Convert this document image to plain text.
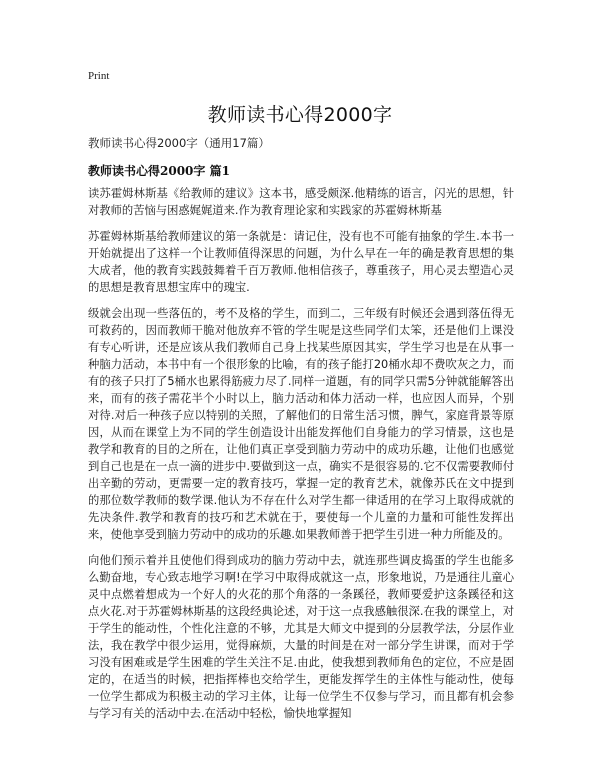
Print
教师读书心得2000字
教师读书心得2000字（通用17篇）
教师读书心得2000字 篇1

读苏霍姆林斯基《给教师的建议》这本书，感受颇深.他精练的语言，闪光的思想，针对教师的苦恼与困惑娓娓道来.作为教育理论家和实践家的苏霍姆林斯基

苏霍姆林斯基给教师建议的第一条就是：请记住，没有也不可能有抽象的学生.本书一开始就提出了这样一个让教师值得深思的问题，为什么早在一年的确是教育思想的集大成者，他的教育实践鼓舞着千百万教师.他相信孩子，尊重孩子，用心灵去塑造心灵的思想是教育思想宝库中的瑰宝.

级就会出现一些落伍的，考不及格的学生，而到二，三年级有时候还会遇到落伍得无可救药的，因而教师干脆对他放弃不管的学生呢是这些同学们太笨，还是他们上课没有专心听讲，还是应该从我们教师自己身上找某些原因其实，学生学习也是在从事一种脑力活动，本书中有一个很形象的比喻，有的孩子能打20桶水却不费吹灰之力，而有的孩子只打了5桶水也累得筋疲力尽了.同样一道题，有的同学只需5分钟就能解答出来，而有的孩子需花半个小时以上，脑力活动和体力活动一样，也应因人而异，个别对待.对后一种孩子应以特别的关照，了解他们的日常生活习惯，脾气，家庭背景等原因，从而在课堂上为不同的学生创造设计出能发挥他们自身能力的学习情景，这也是教学和教育的目的之所在，让他们真正享受到脑力劳动中的成功乐趣，让他们也感觉到自己也是在一点一滴的进步中.要做到这一点，确实不是很容易的.它不仅需要教师付出辛勤的劳动，更需要一定的教育技巧，掌握一定的教育艺术，就像苏氏在文中提到的那位数学教师的数学课.他认为不存在什么对学生都一律适用的在学习上取得成就的先决条件.教学和教育的技巧和艺术就在于，要使每一个儿童的力量和可能性发挥出来，使他享受到脑力劳动中的成功的乐趣.如果教师善于把学生引进一种力所能及的。

向他们预示着并且使他们得到成功的脑力劳动中去，就连那些调皮捣蛋的学生也能多么勤奋地，专心致志地学习啊!在学习中取得成就这一点，形象地说，乃是通往儿童心灵中点燃着想成为一个好人的火花的那个角落的一条蹊径，教师要爱护这条蹊径和这点火花.对于苏霍姆林斯基的这段经典论述，对于这一点我感触很深.在我的课堂上，对于学生的能动性，个性化注意的不够，尤其是大师文中提到的分层教学法，分层作业法，我在教学中很少运用，觉得麻烦，大量的时间是在对一部分学生讲课，而对于学习没有困难或是学生困难的学生关注不足.由此，使我想到教师角色的定位，不应是固定的，在适当的时候，把指挥棒也交给学生，更能发挥学生的主体性与能动性，使每一位学生都成为积极主动的学习主体，让每一位学生不仅参与学习，而且都有机会参与学习有关的活动中去.在活动中轻松，愉快地掌握知
